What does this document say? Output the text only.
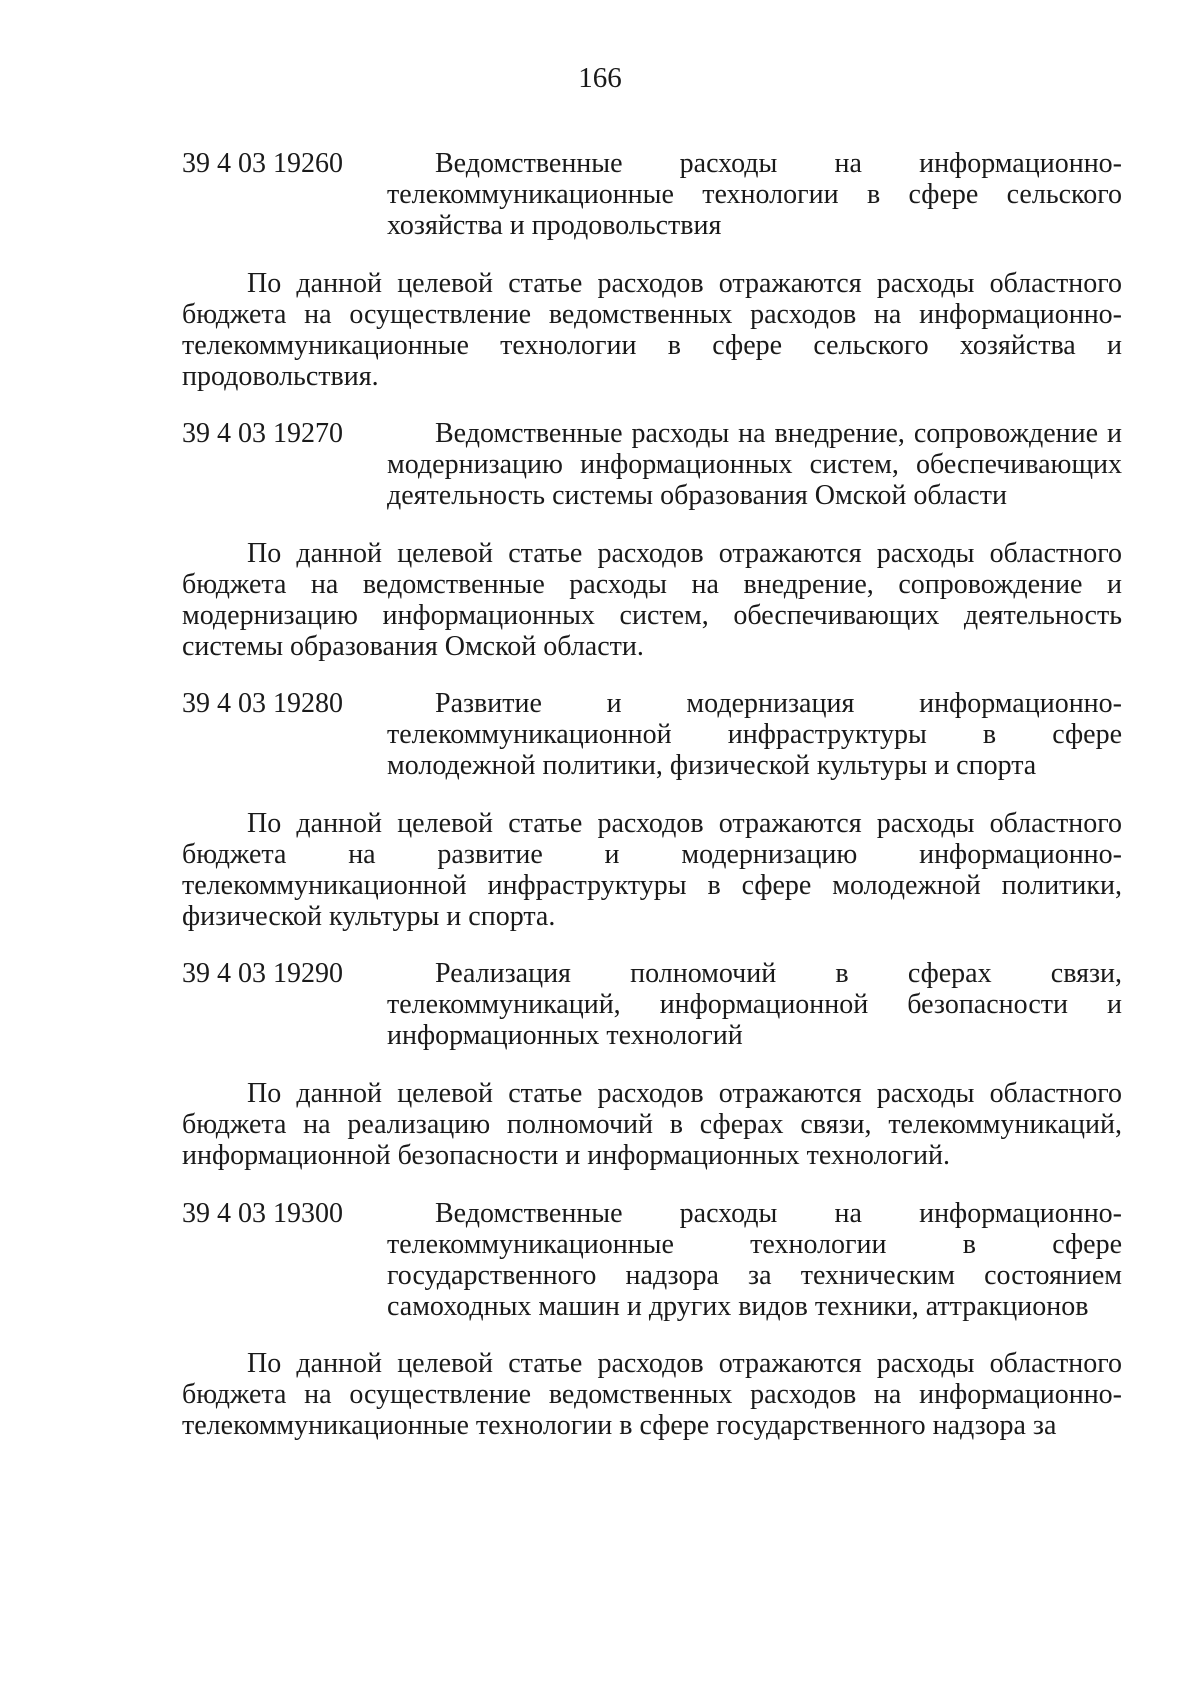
166
39 4 03 19260	Ведомственные расходы на информационно-телекоммуникационные технологии в сфере сельского хозяйства и продовольствия
По данной целевой статье расходов отражаются расходы областного бюджета на осуществление ведомственных расходов на информационно-телекоммуникационные технологии в сфере сельского хозяйства и продовольствия.
39 4 03 19270	Ведомственные расходы на внедрение, сопровождение и модернизацию информационных систем, обеспечивающих деятельность системы образования Омской области
По данной целевой статье расходов отражаются расходы областного бюджета на ведомственные расходы на внедрение, сопровождение и модернизацию информационных систем, обеспечивающих деятельность системы образования Омской области.
39 4 03 19280	Развитие и модернизация информационно-телекоммуникационной инфраструктуры в сфере молодежной политики, физической культуры и спорта
По данной целевой статье расходов отражаются расходы областного бюджета на развитие и модернизацию информационно-телекоммуникационной инфраструктуры в сфере молодежной политики, физической культуры и спорта.
39 4 03 19290	Реализация полномочий в сферах связи, телекоммуникаций, информационной безопасности и информационных технологий
По данной целевой статье расходов отражаются расходы областного бюджета на реализацию полномочий в сферах связи, телекоммуникаций, информационной безопасности и информационных технологий.
39 4 03 19300	Ведомственные расходы на информационно-телекоммуникационные технологии в сфере государственного надзора за техническим состоянием самоходных машин и других видов техники, аттракционов
По данной целевой статье расходов отражаются расходы областного бюджета на осуществление ведомственных расходов на информационно-телекоммуникационные технологии в сфере государственного надзора за
